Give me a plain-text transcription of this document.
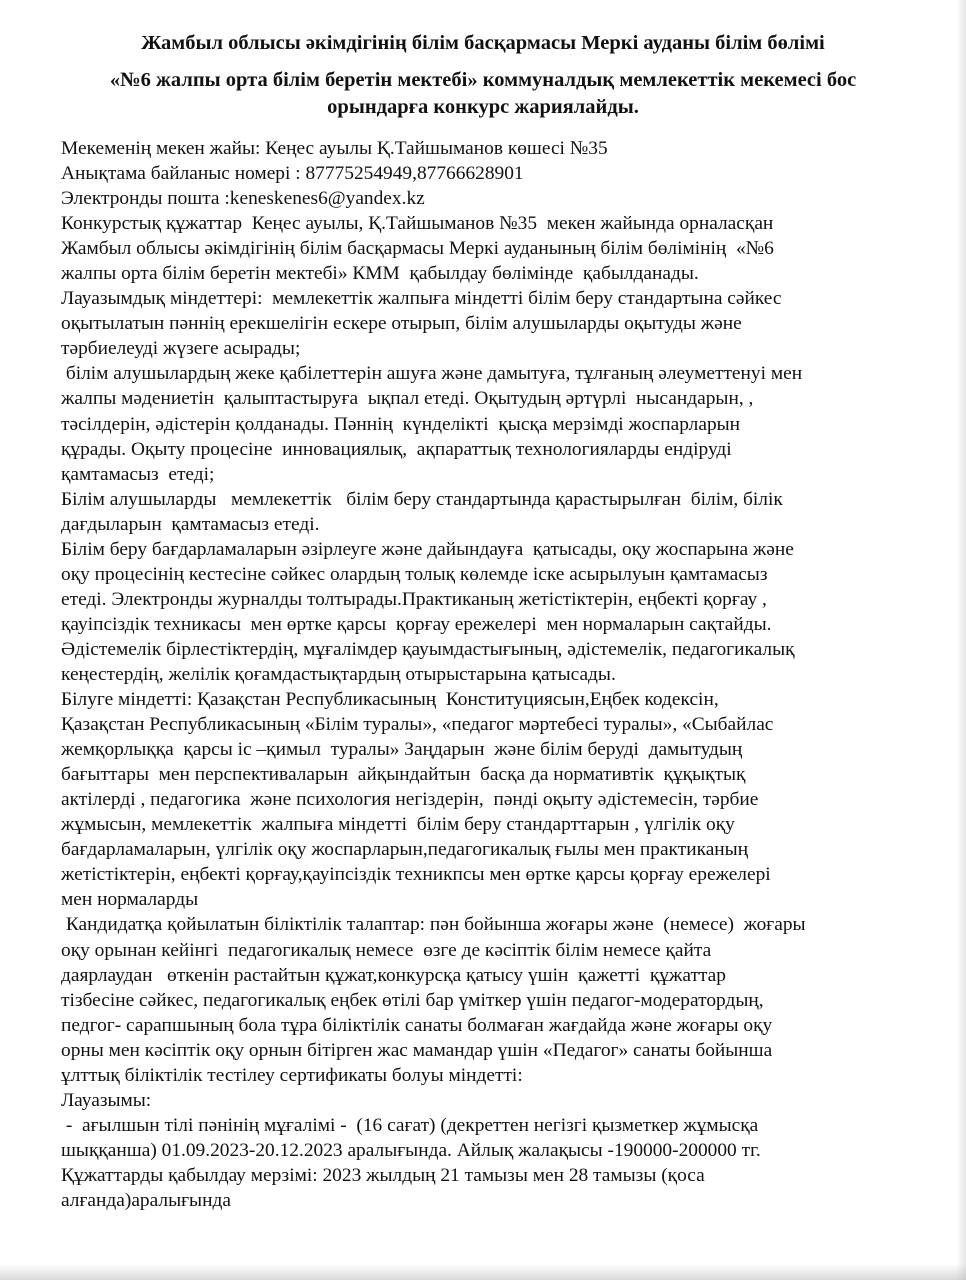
Жамбыл облысы әкімдігінің білім басқармасы Меркі ауданы білім бөлімі
«№6 жалпы орта білім беретін мектебі» коммуналдық мемлекеттік мекемесі бос
орындарға конкурс жариялайды.
Мекеменің мекен жайы: Кеңес ауылы Қ.Тайшыманов көшесі №35
Анықтама байланыс номері : 87775254949,87766628901
Электронды пошта :keneskenes6@yandex.kz
Конкурстық құжаттар  Кеңес ауылы, Қ.Тайшыманов №35  мекен жайында орналасқан
Жамбыл облысы әкімдігінің білім басқармасы Меркі ауданының білім бөлімінің  «№6
жалпы орта білім беретін мектебі» КММ  қабылдау бөлімінде  қабылданады.
Лауазымдық міндеттері:  мемлекеттік жалпыға міндетті білім беру стандартына сәйкес
оқытылатын пәннің ерекшелігін ескере отырып, білім алушыларды оқытуды және
тәрбиелеуді жүзеге асырады;
білім алушылардың жеке қабілеттерін ашуға және дамытуға, тұлғаның әлеуметтенуі мен
жалпы мәдениетін  қалыптастыруға  ықпал етеді. Оқытудың әртүрлі  нысандарын, ,
тәсілдерін, әдістерін қолданады. Пәннің  күнделікті  қысқа мерзімді жоспарларын
құрады. Оқыту процесіне  инновациялық,  ақпараттық технологияларды ендіруді
қамтамасыз  етеді;
Білім алушыларды   мемлекеттік   білім беру стандартында қарастырылған  білім, білік
дағдыларын  қамтамасыз етеді.
Білім беру бағдарламаларын әзірлеуге және дайындауға  қатысады, оқу жоспарына және
оқу процесінің кестесіне сәйкес олардың толық көлемде іске асырылуын қамтамасыз
етеді. Электронды журналды толтырады.Практиканың жетістіктерін, еңбекті қорғау ,
қауіпсіздік техникасы  мен өртке қарсы  қорғау ережелері  мен нормаларын сақтайды.
Әдістемелік бірлестіктердің, мұғалімдер қауымдастығының, әдістемелік, педагогикалық
кеңестердің, желілік қоғамдастықтардың отырыстарына қатысады.
Білуге міндетті: Қазақстан Республикасының  Конституциясын,Еңбек кодексін,
Қазақстан Республикасының «Білім туралы», «педагог мәртебесі туралы», «Сыбайлас
жемқорлыққа  қарсы іс –қимыл  туралы» Заңдарын  және білім беруді  дамытудың
бағыттары  мен перспективаларын  айқындайтын  басқа да нормативтік  құқықтық
актілерді , педагогика  және психология негіздерін,  пәнді оқыту әдістемесін, тәрбие
жұмысын, мемлекеттік  жалпыға міндетті  білім беру стандарттарын , үлгілік оқу
бағдарламаларын, үлгілік оқу жоспарларын,педагогикалық ғылы мен практиканың
жетістіктерін, еңбекті қорғау,қауіпсіздік техникпсы мен өртке қарсы қорғау ережелері
мен нормаларды
Кандидатқа қойылатын біліктілік талаптар: пән бойынша жоғары және  (немесе)  жоғары
оқу орынан кейінгі  педагогикалық немесе  өзге де кәсіптік білім немесе қайта
даярлаудан   өткенін растайтын құжат,конкурсқа қатысу үшін  қажетті  құжаттар
тізбесіне сәйкес, педагогикалық еңбек өтілі бар үміткер үшін педагог-модератордың,
педгог- сарапшының бола тұра біліктілік санаты болмаған жағдайда және жоғары оқу
орны мен кәсіптік оқу орнын бітірген жас мамандар үшін «Педагог» санаты бойынша
ұлттық біліктілік тестілеу сертификаты болуы міндетті:
Лауазымы:
-  ағылшын тілі пәнінің мұғалімі -  (16 сағат) (декреттен негізгі қызметкер жұмысқа
шыққанша) 01.09.2023-20.12.2023 аралығында. Айлық жалақысы -190000-200000 тг.
Құжаттарды қабылдау мерзімі: 2023 жылдың 21 тамызы мен 28 тамызы (қоса
алғанда)аралығында
